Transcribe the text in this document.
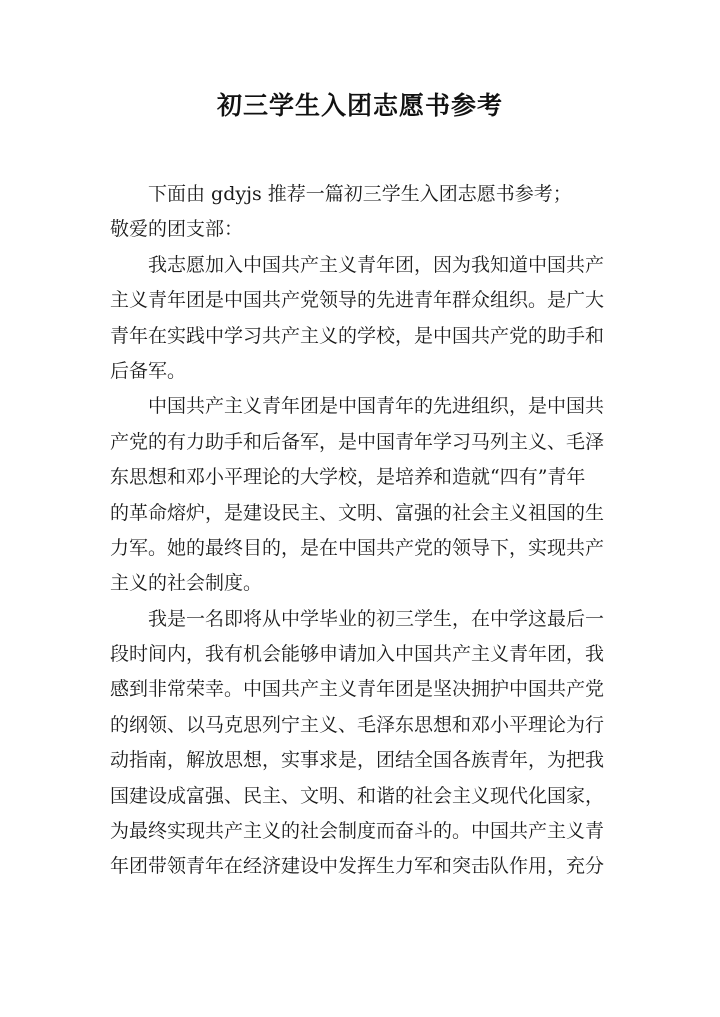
初三学生入团志愿书参考
下面由 gdyjs 推荐一篇初三学生入团志愿书参考；
敬爱的团支部：
我志愿加入中国共产主义青年团，因为我知道中国共产
主义青年团是中国共产党领导的先进青年群众组织。是广大
青年在实践中学习共产主义的学校，是中国共产党的助手和
后备军。
中国共产主义青年团是中国青年的先进组织，是中国共
产党的有力助手和后备军，是中国青年学习马列主义、毛泽
东思想和邓小平理论的大学校，是培养和造就“四有”青年
的革命熔炉，是建设民主、文明、富强的社会主义祖国的生
力军。她的最终目的，是在中国共产党的领导下，实现共产
主义的社会制度。
我是一名即将从中学毕业的初三学生，在中学这最后一
段时间内，我有机会能够申请加入中国共产主义青年团，我
感到非常荣幸。中国共产主义青年团是坚决拥护中国共产党
的纲领、以马克思列宁主义、毛泽东思想和邓小平理论为行
动指南，解放思想，实事求是，团结全国各族青年，为把我
国建设成富强、民主、文明、和谐的社会主义现代化国家，
为最终实现共产主义的社会制度而奋斗的。中国共产主义青
年团带领青年在经济建设中发挥生力军和突击队作用，充分
